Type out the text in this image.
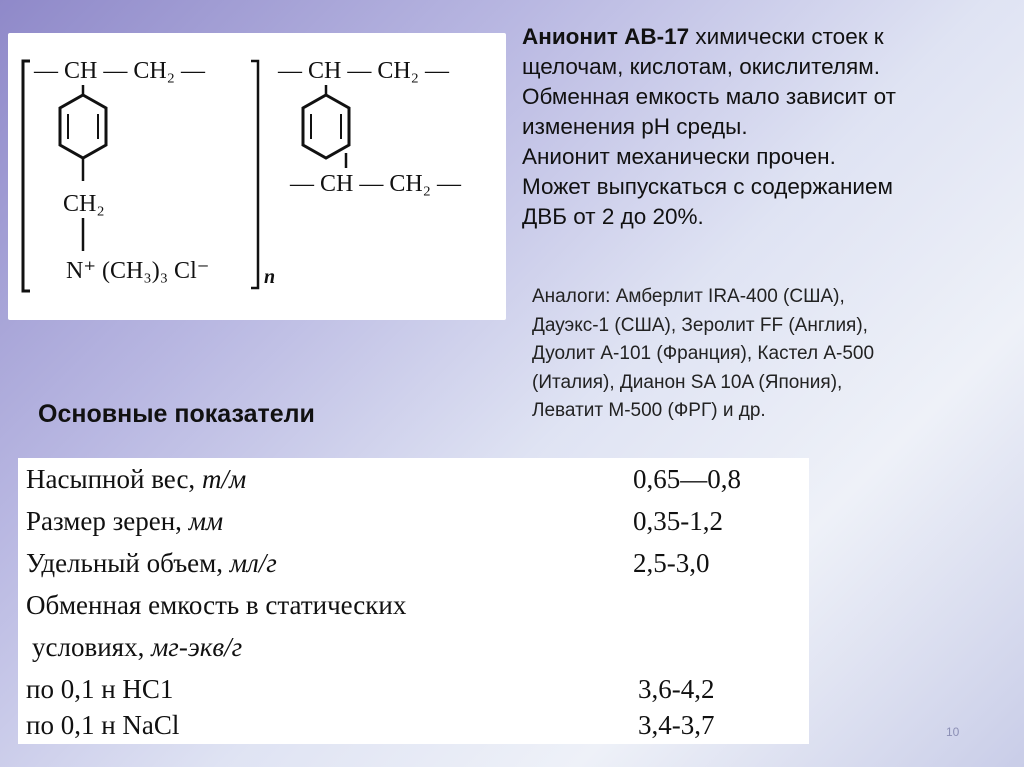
— CH — CH₂ —
CH₂
N⁺ (CH₃)₃ Cl⁻	n
— CH — CH₂ —
— CH — CH₂ —
Анионит АВ-17 химически стоек к
щелочам, кислотам, окислителям.
Обменная емкость мало зависит от
изменения pH среды.
Анионит механически прочен.
Может выпускаться с содержанием
ДВБ от 2 до 20%.
Аналоги: Амберлит IRA-400 (США),
Дауэкс-1 (США), Зеролит FF (Англия),
Дуолит А-101 (Франция), Кастел А-500
(Италия), Дианон SA 10A (Япония),
Леватит М-500 (ФРГ) и др.
Основные показатели
Насыпной вес, т/м	0,65—0,8
Размер зерен, мм	0,35-1,2
Удельный объем, мл/г	2,5-3,0
Обменная емкость в статических
условиях, мг-экв/г
по 0,1 н HC1	3,6-4,2
по 0,1 н NaCl	3,4-3,7	10
